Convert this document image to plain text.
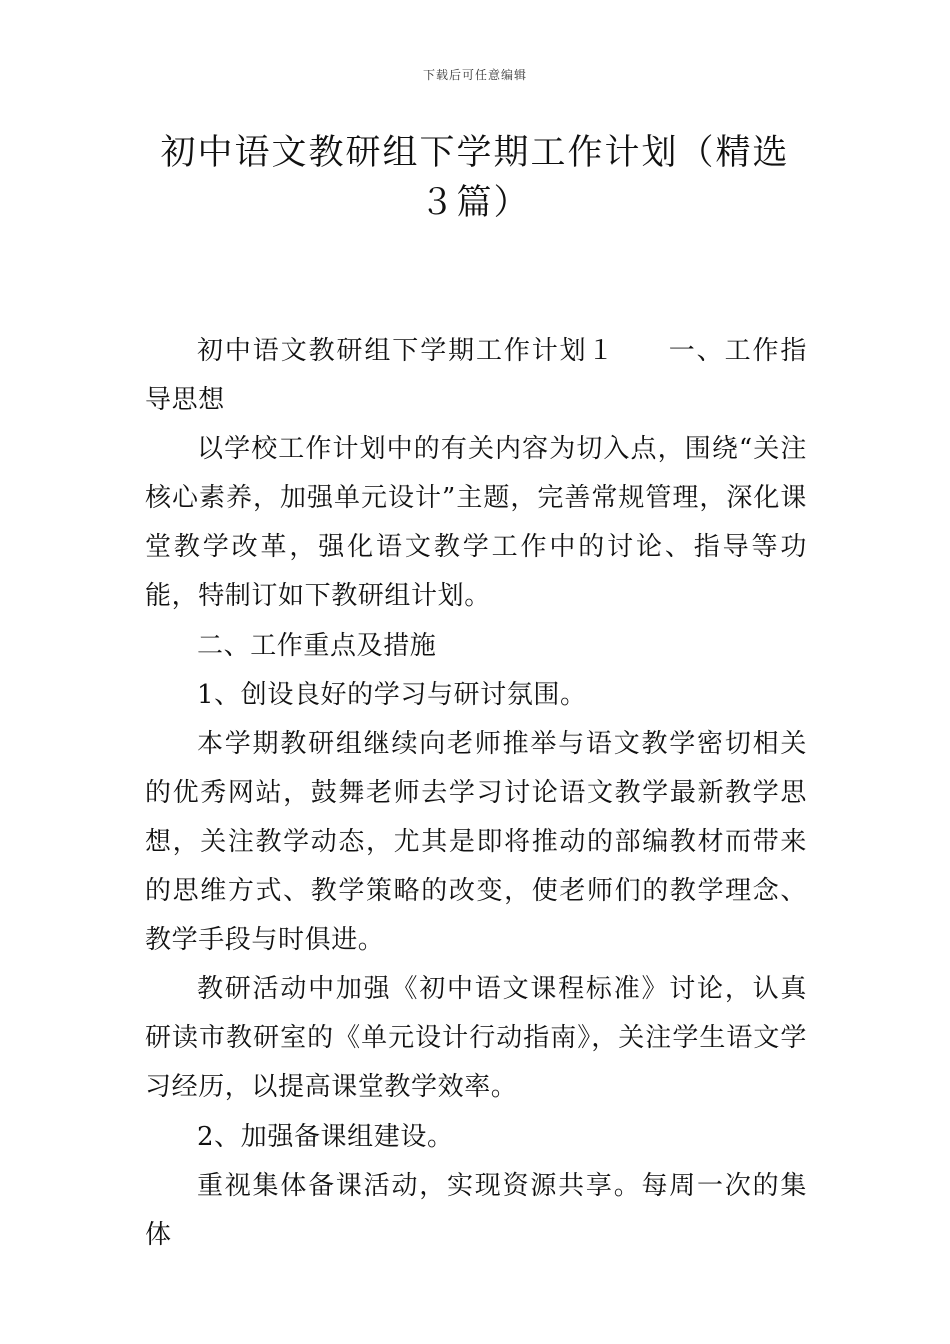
下载后可任意编辑
初中语文教研组下学期工作计划（精选３篇）

初中语文教研组下学期工作计划１ 一、工作指导思想

以学校工作计划中的有关内容为切入点，围绕“关注核心素养，加强单元设计”主题，完善常规管理，深化课堂教学改革，强化语文教学工作中的讨论、指导等功能，特制订如下教研组计划。

二、工作重点及措施

1、创设良好的学习与研讨氛围。

本学期教研组继续向老师推举与语文教学密切相关的优秀网站，鼓舞老师去学习讨论语文教学最新教学思想，关注教学动态，尤其是即将推动的部编教材而带来的思维方式、教学策略的改变，使老师们的教学理念、教学手段与时俱进。

教研活动中加强《初中语文课程标准》讨论，认真研读市教研室的《单元设计行动指南》，关注学生语文学习经历，以提高课堂教学效率。

2、加强备课组建设。

重视集体备课活动，实现资源共享。每周一次的集体
